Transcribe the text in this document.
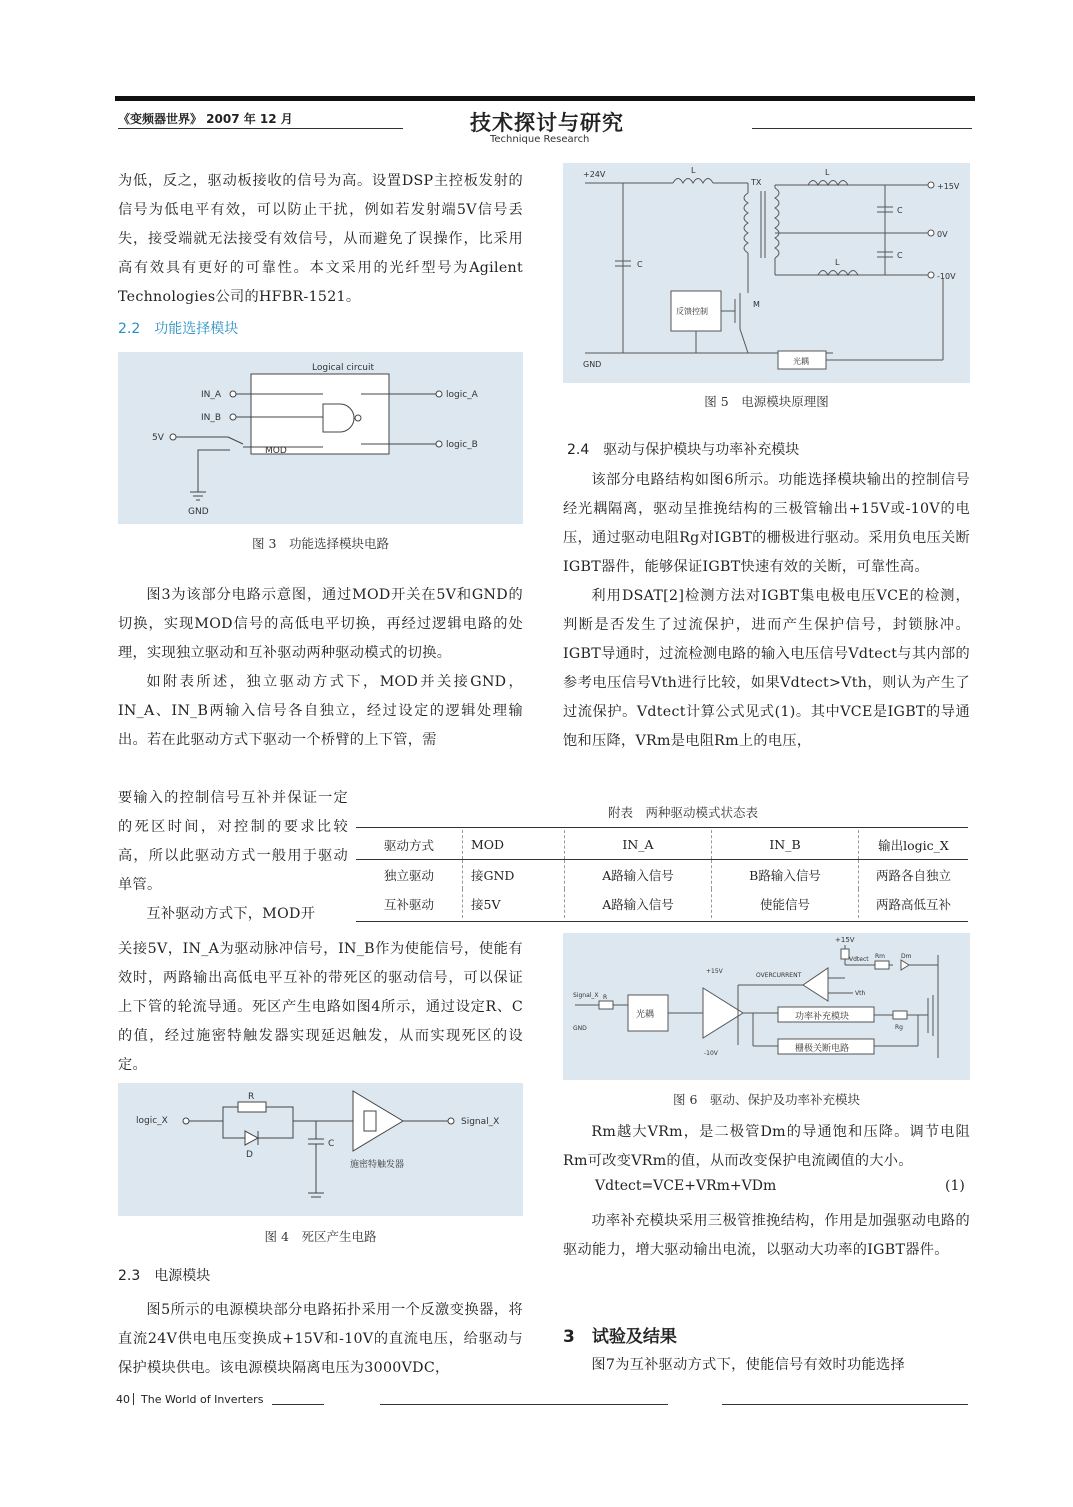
《变频器世界》 2007 年 12 月	技术探讨与研究
Technique Research

为低，反之，驱动板接收的信号为高。设置DSP主控板发射的信号为低电平有效，可以防止干扰，例如若发射端5V信号丢失，接受端就无法接受有效信号，从而避免了误操作，比采用高有效具有更好的可靠性。本文采用的光纤型号为Agilent Technologies公司的HFBR-1521。

2.2　功能选择模块
Logical circuit
IN_A
IN_B
5V
MOD
GND
logic_A
logic_B
图 3　功能选择模块电路

图3为该部分电路示意图，通过MOD开关在5V和GND的切换，实现MOD信号的高低电平切换，再经过逻辑电路的处理，实现独立驱动和互补驱动两种驱动模式的切换。

如附表所述，独立驱动方式下，MOD并关接GND，IN_A、IN_B两输入信号各自独立，经过设定的逻辑处理输出。若在此驱动方式下驱动一个桥臂的上下管，需

要输入的控制信号互补并保证一定的死区时间，对控制的要求比较高，所以此驱动方式一般用于驱动单管。

互补驱动方式下，MOD开

关接5V，IN_A为驱动脉冲信号，IN_B作为使能信号，使能有效时，两路输出高低电平互补的带死区的驱动信号，可以保证上下管的轮流导通。死区产生电路如图4所示，通过设定R、C的值，经过施密特触发器实现延迟触发，从而实现死区的设定。

logic_X
R
D
C
施密特触发器
Signal_X
图 4　死区产生电路
2.3　电源模块

图5所示的电源模块部分电路拓扑采用一个反激变换器，将直流24V供电电压变换成+15V和-10V的直流电压，给驱动与保护模块供电。该电源模块隔离电压为3000VDC，

+24V	L
TX
C
L
+15V
0V
L
-10V
C
C
反馈控制
M
GND	光耦
图 5　电源模块原理图
2.4　驱动与保护模块与功率补充模块

该部分电路结构如图6所示。功能选择模块输出的控制信号经光耦隔离，驱动呈推挽结构的三极管输出+15V或-10V的电压，通过驱动电阻Rg对IGBT的栅极进行驱动。采用负电压关断IGBT器件，能够保证IGBT快速有效的关断，可靠性高。

利用DSAT[2]检测方法对IGBT集电极电压VCE的检测，判断是否发生了过流保护，进而产生保护信号，封锁脉冲。IGBT导通时，过流检测电路的输入电压信号Vdtect与其内部的参考电压信号Vth进行比较，如果Vdtect>Vth，则认为产生了过流保护。Vdtect计算公式见式(1)。其中VCE是IGBT的导通饱和压降，VRm是电阻Rm上的电压，

附表　两种驱动模式状态表
驱动方式	MOD	IN_A	IN_B	输出logic_X
独立驱动	接GND	A路输入信号	B路输入信号	两路各自独立
互补驱动	接5V	A路输入信号	使能信号	两路高低互补
+15V
Vdtect Rm	Dm
OVERCURRENT
Vth
Signal_X R
GND
光耦
+15V
-10V
功率补充模块
Rg
栅极关断电路
图 6　驱动、保护及功率补充模块

Rm越大VRm，是二极管Dm的导通饱和压降。调节电阻Rm可改变VRm的值，从而改变保护电流阈值的大小。

Vdtect=VCE+VRm+VDm	(1)

功率补充模块采用三极管推挽结构，作用是加强驱动电路的驱动能力，增大驱动输出电流，以驱动大功率的IGBT器件。

3　试验及结果

图7为互补驱动方式下，使能信号有效时功能选择

40 The World of Inverters
